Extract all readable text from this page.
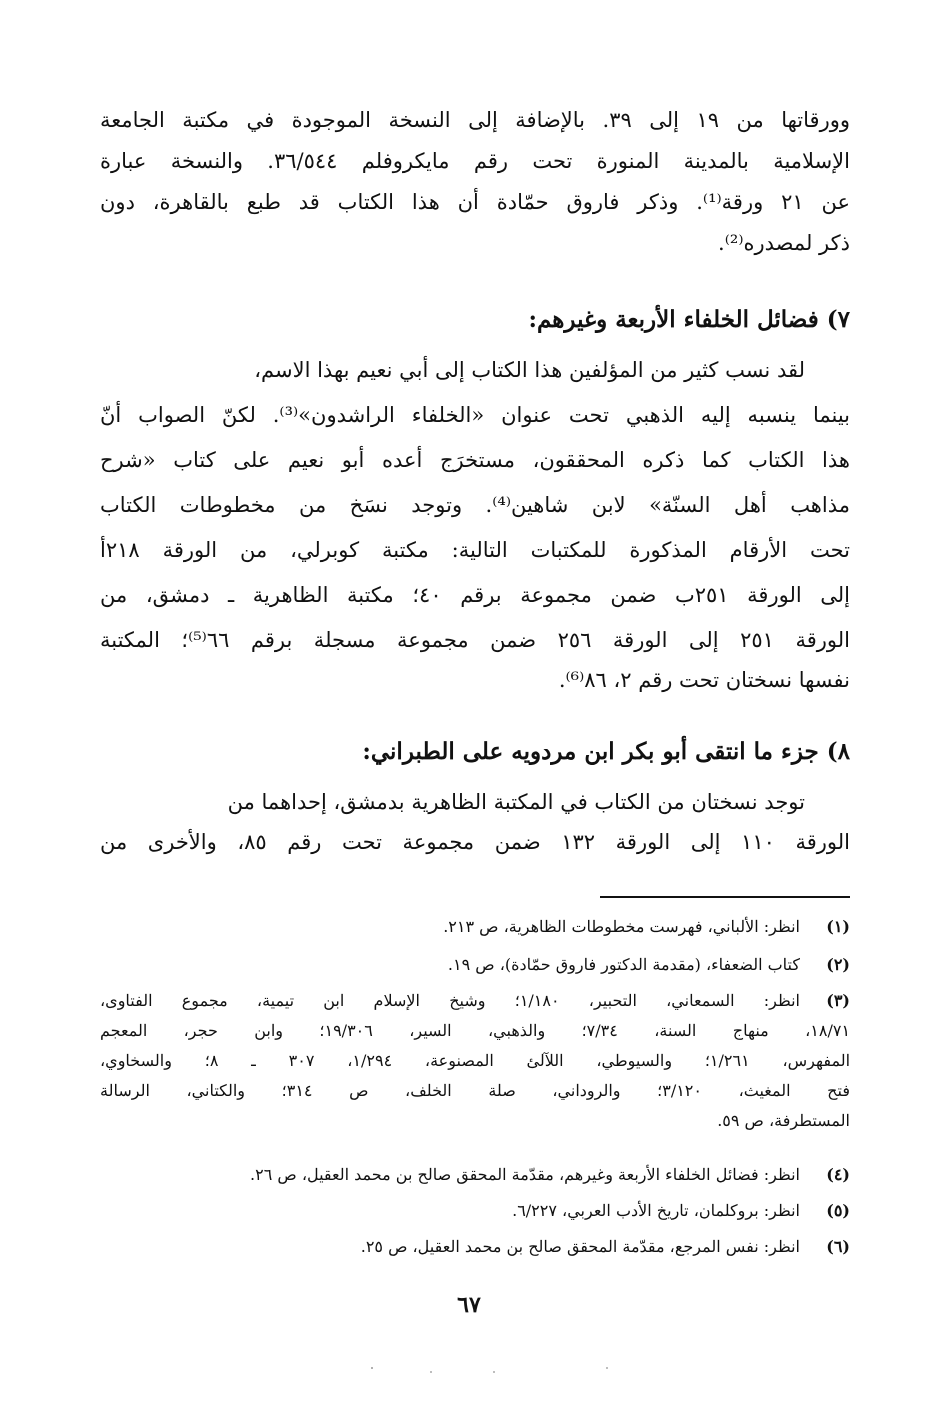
وورقاتها من ١٩ إلى ٣٩. بالإضافة إلى النسخة الموجودة في مكتبة الجامعة
الإسلامية بالمدينة المنورة تحت رقم مايكروفلم ٣٦/٥٤٤. والنسخة عبارة
عن ٢١ ورقة⁽¹⁾. وذكر فاروق حمّادة أن هذا الكتاب قد طبع بالقاهرة، دون
ذكر لمصدره⁽²⁾.
٧) فضائل الخلفاء الأربعة وغيرهم:
لقد نسب كثير من المؤلفين هذا الكتاب إلى أبي نعيم بهذا الاسم،
بينما ينسبه إليه الذهبي تحت عنوان «الخلفاء الراشدون»⁽³⁾. لكنّ الصواب أنّ
هذا الكتاب كما ذكره المحققون، مستخرَج أعده أبو نعيم على كتاب «شرح
مذاهب أهل السنّة» لابن شاهين⁽⁴⁾. وتوجد نسَخ من مخطوطات الكتاب
تحت الأرقام المذكورة للمكتبات التالية: مكتبة كوبرلي، من الورقة ٢١٨أ
إلى الورقة ٢٥١ب ضمن مجموعة برقم ٤٠؛ مكتبة الظاهرية ـ دمشق، من
الورقة ٢٥١ إلى الورقة ٢٥٦ ضمن مجموعة مسجلة برقم ٦٦⁽⁵⁾؛ المكتبة
نفسها نسختان تحت رقم ٢، ٨٦⁽⁶⁾.
٨) جزء ما انتقى أبو بكر ابن مردويه على الطبراني:
توجد نسختان من الكتاب في المكتبة الظاهرية بدمشق، إحداهما من
الورقة ١١٠ إلى الورقة ١٣٢ ضمن مجموعة تحت رقم ٨٥، والأخرى من
(١)
انظر: الألباني، فهرست مخطوطات الظاهرية، ص ٢١٣.
(٢)
كتاب الضعفاء، (مقدمة الدكتور فاروق حمّادة)، ص ١٩.
(٣)
انظر: السمعاني، التحبير، ١/١٨٠؛ وشيخ الإسلام ابن تيمية، مجموع الفتاوى،
١٨/٧١، منهاج السنة، ٧/٣٤؛ والذهبي، السير، ١٩/٣٠٦؛ وابن حجر، المعجم
المفهرس، ١/٢٦١؛ والسيوطي، اللآلئ المصنوعة، ١/٢٩٤، ٣٠٧ ـ ٨؛ والسخاوي،
فتح المغيث، ٣/١٢٠؛ والروداني، صلة الخلف، ص ٣١٤؛ والكتاني، الرسالة
المستطرفة، ص ٥٩.
(٤)
انظر: فضائل الخلفاء الأربعة وغيرهم، مقدّمة المحقق صالح بن محمد العقيل، ص ٢٦.
(٥)
انظر: بروكلمان، تاريخ الأدب العربي، ٦/٢٢٧.
(٦)
انظر: نفس المرجع، مقدّمة المحقق صالح بن محمد العقيل، ص ٢٥.
٦٧
